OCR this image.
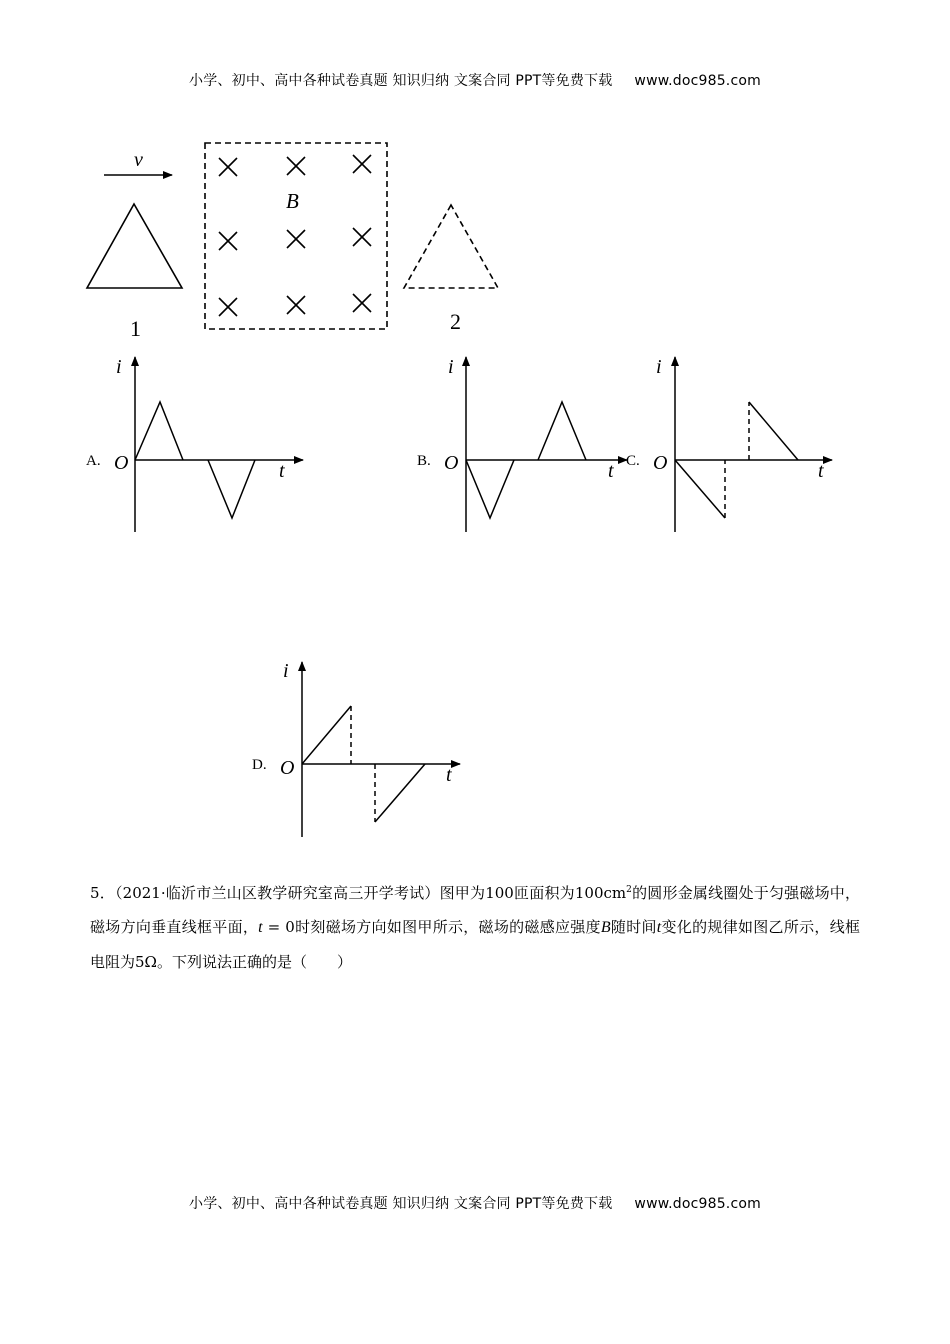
小学、初中、高中各种试卷真题 知识归纳 文案合同 PPT等免费下载 www.doc985.com
v
1
B
2
A. O
i
t	B. O
i
t C. O
i
t
D. O
i
t
5．（2021·临沂市兰山区教学研究室高三开学考试）图甲为100匝面积为$100cm^2$的圆形金属线圈处于匀强磁场中，磁场方向垂直线框平面，t = 0时刻磁场方向如图甲所示，磁场的磁感应强度B随时间t变化的规律如图乙所示，线框电阻为5Ω。下列说法正确的是（　　）
小学、初中、高中各种试卷真题 知识归纳 文案合同 PPT等免费下载 www.doc985.com
